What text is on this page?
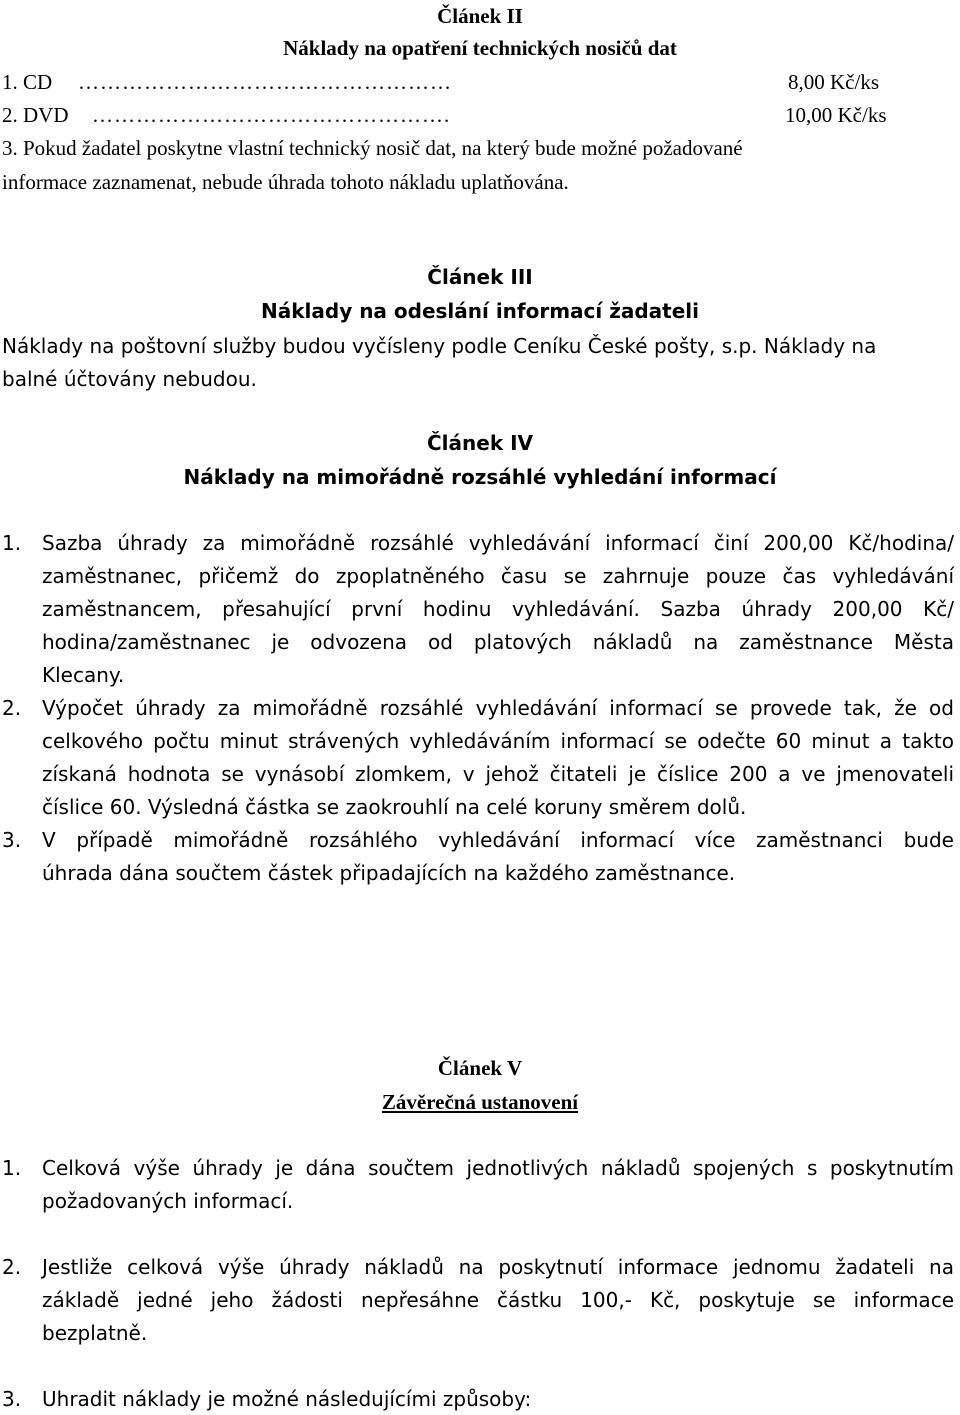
Článek II
Náklady na opatření technických nosičů dat
1. CD ……………………………………………	8,00 Kč/ks
2. DVD ………………………………………….	10,00 Kč/ks
3. Pokud žadatel poskytne vlastní technický nosič dat, na který bude možné požadované
informace zaznamenat, nebude úhrada tohoto nákladu uplatňována.
Článek III
Náklady na odeslání informací žadateli
Náklady na poštovní služby budou vyčísleny podle Ceníku České pošty, s.p. Náklady na
balné účtovány nebudou.
Článek IV
Náklady na mimořádně rozsáhlé vyhledání informací
1. Sazba úhrady za mimořádně rozsáhlé vyhledávání informací činí 200,00 Kč/hodina/
zaměstnanec, přičemž do zpoplatněného času se zahrnuje pouze čas vyhledávání
zaměstnancem, přesahující první hodinu vyhledávání. Sazba úhrady 200,00 Kč/
hodina/zaměstnanec je odvozena od platových nákladů na zaměstnance Města
Klecany.
2. Výpočet úhrady za mimořádně rozsáhlé vyhledávání informací se provede tak, že od
celkového počtu minut strávených vyhledáváním informací se odečte 60 minut a takto
získaná hodnota se vynásobí zlomkem, v jehož čitateli je číslice 200 a ve jmenovateli
číslice 60. Výsledná částka se zaokrouhlí na celé koruny směrem dolů.
3. V případě mimořádně rozsáhlého vyhledávání informací více zaměstnanci bude
úhrada dána součtem částek připadajících na každého zaměstnance.
Článek V
Závěrečná ustanovení
1. Celková výše úhrady je dána součtem jednotlivých nákladů spojených s poskytnutím
požadovaných informací.
2. Jestliže celková výše úhrady nákladů na poskytnutí informace jednomu žadateli na
základě jedné jeho žádosti nepřesáhne částku 100,- Kč, poskytuje se informace
bezplatně.
3. Uhradit náklady je možné následujícími způsoby:
